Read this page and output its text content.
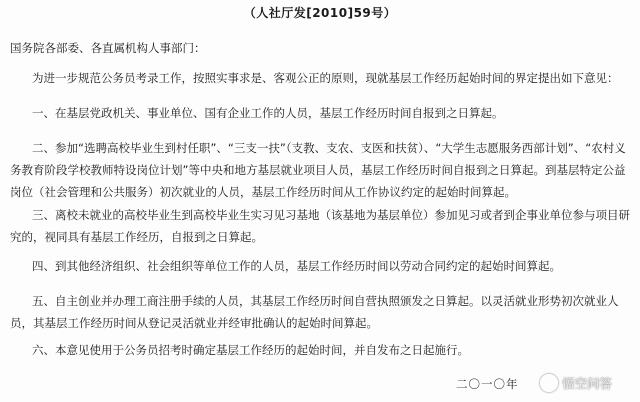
（人社厅发[2010]59号）
国务院各部委、各直属机构人事部门：

为进一步规范公务员考录工作，按照实事求是、客观公正的原则，现就基层工作经历起始时间的界定提出如下意见：

一、在基层党政机关、事业单位、国有企业工作的人员，基层工作经历时间自报到之日算起。

二、参加“选聘高校毕业生到村任职”、“三支一扶”（支教、支农、支医和扶贫）、“大学生志愿服务西部计划”、“农村义务教育阶段学校教师特设岗位计划”等中央和地方基层就业项目人员，基层工作经历时间自报到之日算起。到基层特定公益岗位（社会管理和公共服务）初次就业的人员，基层工作经历时间从工作协议约定的起始时间算起。

三、离校未就业的高校毕业生到高校毕业生实习见习基地（该基地为基层单位）参加见习或者到企事业单位参与项目研究的，视同具有基层工作经历，自报到之日算起。

四、到其他经济组织、社会组织等单位工作的人员，基层工作经历时间以劳动合同约定的起始时间算起。

五、自主创业并办理工商注册手续的人员，其基层工作经历时间自营执照颁发之日算起。以灵活就业形势初次就业人员，其基层工作经历时间从登记灵活就业并经审批确认的起始时间算起。

六、本意见使用于公务员招考时确定基层工作经历的起始时间，并自发布之日起施行。

二〇一〇年	悟空问答
